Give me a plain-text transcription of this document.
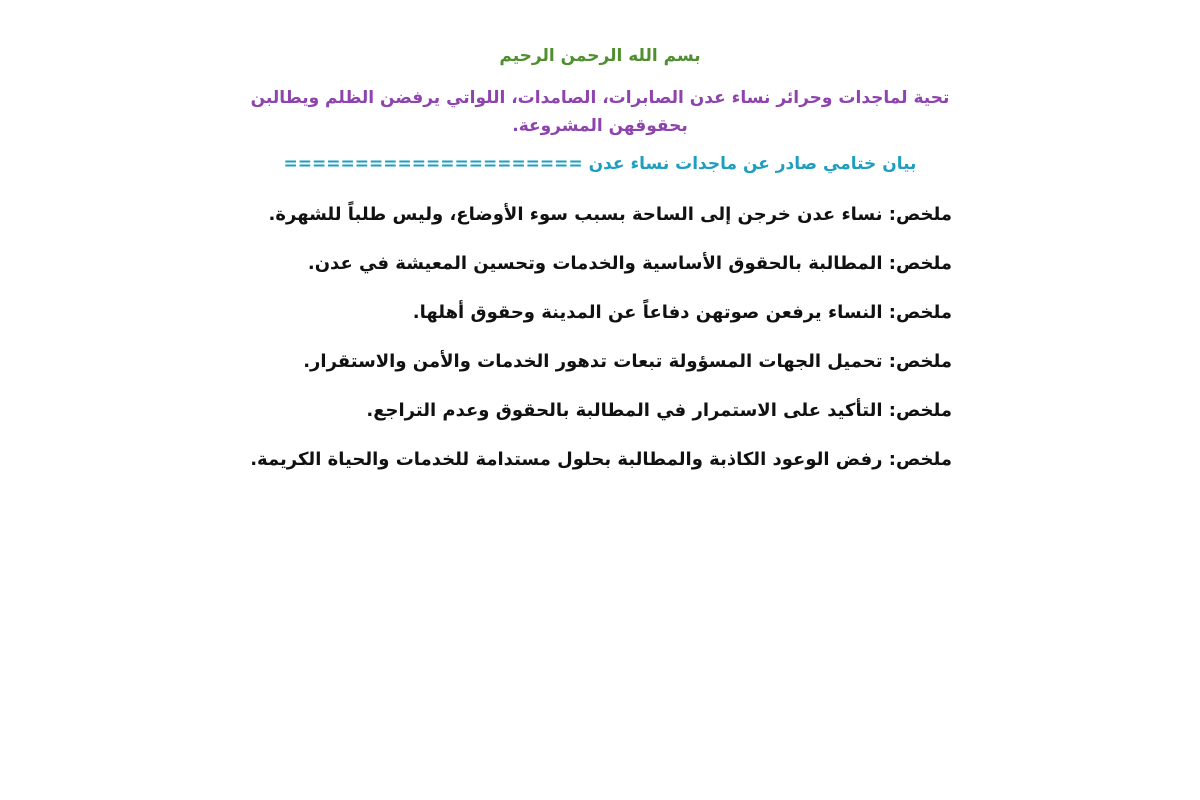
بسم الله الرحمن الرحيم
تحية لماجدات وحرائر نساء عدن الصابرات، الصامدات، اللواتي يرفضن الظلم ويطالبن بحقوقهن المشروعة.
بيان ختامي صادر عن ماجدات نساء عدن =====================

ملخص: نساء عدن خرجن إلى الساحة بسبب سوء الأوضاع، وليس طلباً للشهرة.

ملخص: المطالبة بالحقوق الأساسية والخدمات وتحسين المعيشة في عدن.

ملخص: النساء يرفعن صوتهن دفاعاً عن المدينة وحقوق أهلها.

ملخص: تحميل الجهات المسؤولة تبعات تدهور الخدمات والأمن والاستقرار.

ملخص: التأكيد على الاستمرار في المطالبة بالحقوق وعدم التراجع.

ملخص: رفض الوعود الكاذبة والمطالبة بحلول مستدامة للخدمات والحياة الكريمة.
